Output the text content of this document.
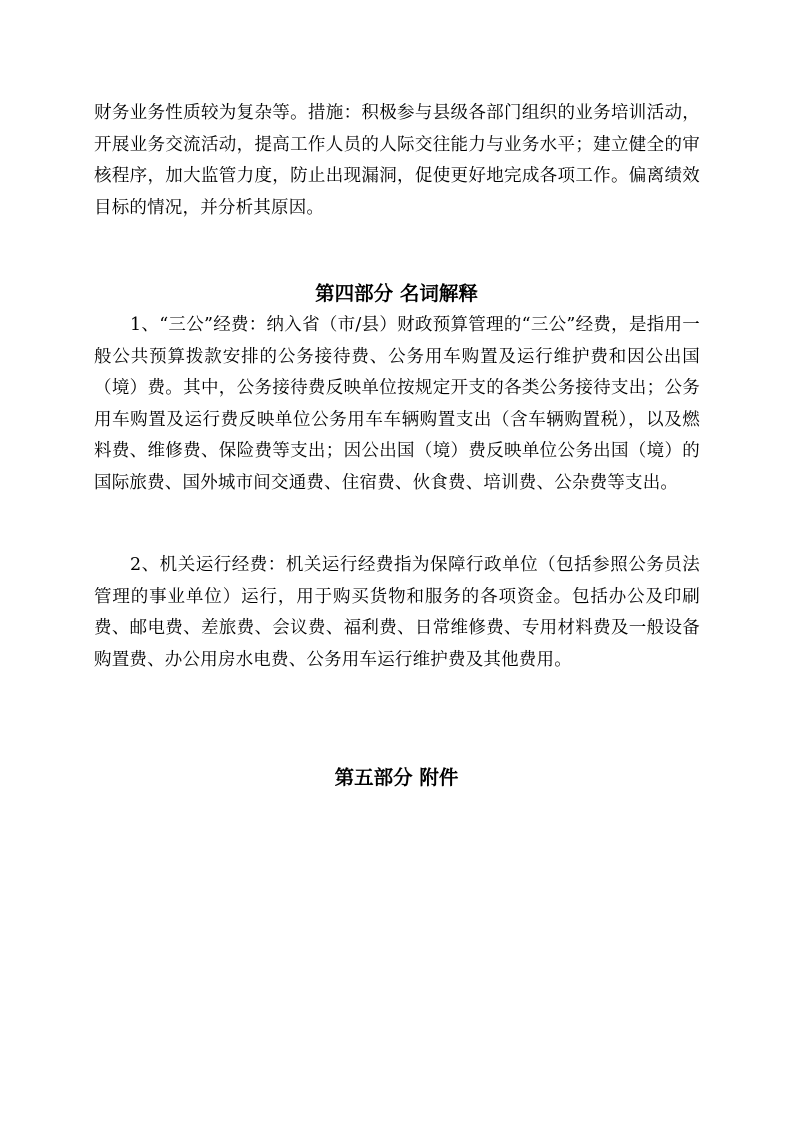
财务业务性质较为复杂等。措施：积极参与县级各部门组织的业务培训活动，开展业务交流活动，提高工作人员的人际交往能力与业务水平；建立健全的审核程序，加大监管力度，防止出现漏洞，促使更好地完成各项工作。偏离绩效目标的情况，并分析其原因。

第四部分 名词解释

1、“三公”经费：纳入省（市/县）财政预算管理的“三公”经费，是指用一般公共预算拨款安排的公务接待费、公务用车购置及运行维护费和因公出国（境）费。其中，公务接待费反映单位按规定开支的各类公务接待支出；公务用车购置及运行费反映单位公务用车车辆购置支出（含车辆购置税），以及燃料费、维修费、保险费等支出；因公出国（境）费反映单位公务出国（境）的国际旅费、国外城市间交通费、住宿费、伙食费、培训费、公杂费等支出。

2、机关运行经费：机关运行经费指为保障行政单位（包括参照公务员法管理的事业单位）运行，用于购买货物和服务的各项资金。包括办公及印刷费、邮电费、差旅费、会议费、福利费、日常维修费、专用材料费及一般设备购置费、办公用房水电费、公务用车运行维护费及其他费用。

第五部分 附件
